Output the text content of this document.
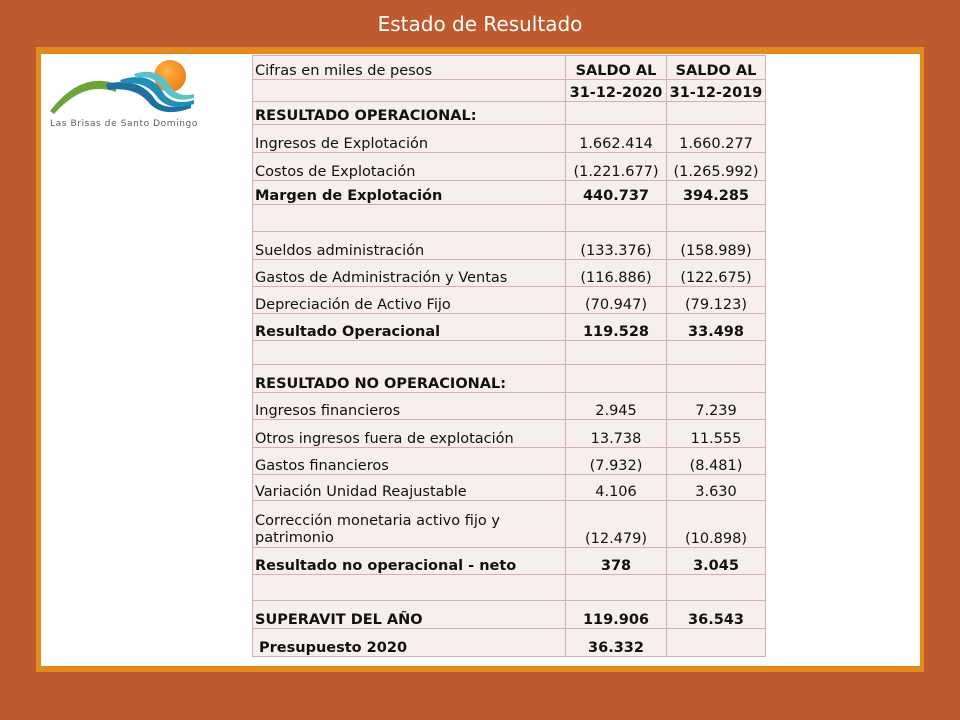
Estado de Resultado
Las Brisas de Santo Domingo
Cifras en miles de pesos	SALDO AL	SALDO AL
	31-12-2020	31-12-2019
RESULTADO OPERACIONAL:		
Ingresos de Explotación	1.662.414	1.660.277
Costos de Explotación	(1.221.677)	(1.265.992)
Margen de Explotación	440.737	394.285

Sueldos administración	(133.376)	(158.989)
Gastos de Administración y Ventas	(116.886)	(122.675)
Depreciación de Activo Fijo	(70.947)	(79.123)
Resultado Operacional	119.528	33.498

RESULTADO NO OPERACIONAL:		
Ingresos financieros	2.945	7.239
Otros ingresos fuera de explotación	13.738	11.555
Gastos financieros	(7.932)	(8.481)
Variación Unidad Reajustable	4.106	3.630
Corrección monetaria activo fijo y patrimonio	(12.479)	(10.898)
Resultado no operacional - neto	378	3.045

SUPERAVIT DEL AÑO	119.906	36.543
Presupuesto 2020	36.332	
